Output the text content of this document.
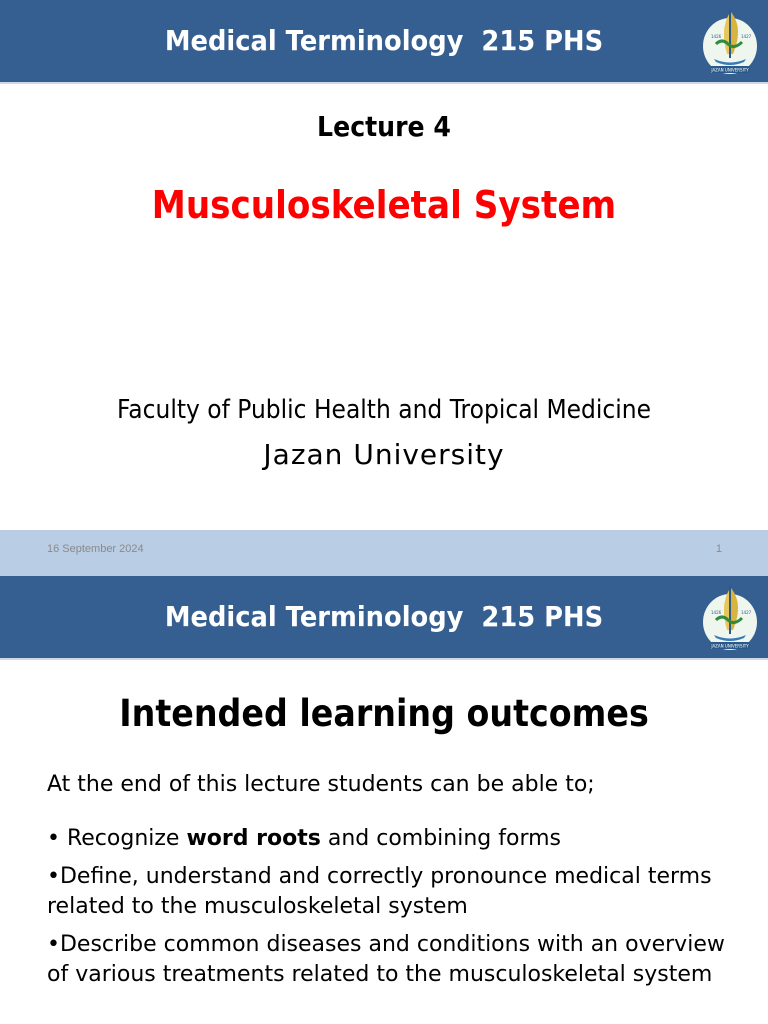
Medical Terminology  215 PHS
JAZAN UNIVERSITY
1426	1427
Lecture 4
Musculoskeletal System
Faculty of Public Health and Tropical Medicine
Jazan University
16 September 2024	1
Medical Terminology  215 PHS
JAZAN UNIVERSITY
1426	1427
Intended learning outcomes
At the end of this lecture students can be able to;
• Recognize word roots and combining forms
•Define, understand and correctly pronounce medical terms related to the musculoskeletal system
•Describe common diseases and conditions with an overview of various treatments related to the musculoskeletal system
